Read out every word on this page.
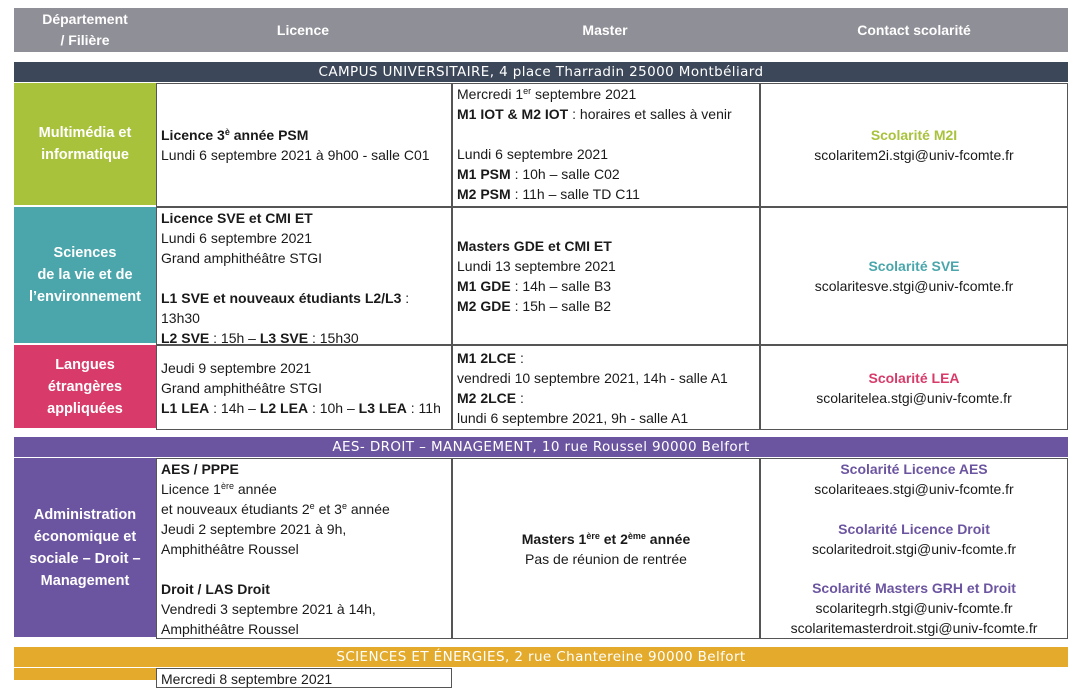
Département
/ Filière
Licence	Master	Contact scolarité
CAMPUS UNIVERSITAIRE, 4 place Tharradin 25000 Montbéliard
Multimédia et
informatique
Licence $3^è$ année PSM
Lundi 6 septembre 2021 à 9h00 - salle C01
Mercredi 1er septembre 2021
M1 IOT & M2 IOT : horaires et salles à venir
Lundi 6 septembre 2021
M1 PSM : 10h – salle C02
M2 PSM : 11h – salle TD C11
Scolarité M2I
scolaritem2i.stgi@univ-fcomte.fr
Sciences
de la vie et de
l’environnement
Licence SVE et CMI ET
Lundi 6 septembre 2021
Grand amphithéâtre STGI
L1 SVE et nouveaux étudiants L2/L3 :
13h30
L2 SVE : 15h – L3 SVE : 15h30
Masters GDE et CMI ET
Lundi 13 septembre 2021
M1 GDE : 14h – salle B3
M2 GDE : 15h – salle B2
Scolarité SVE
scolaritesve.stgi@univ-fcomte.fr
Langues
étrangères
appliquées
Jeudi 9 septembre 2021
Grand amphithéâtre STGI
L1 LEA : 14h – L2 LEA : 10h – L3 LEA : 11h
M1 2LCE :
vendredi 10 septembre 2021, 14h - salle A1
M2 2LCE :
lundi 6 septembre 2021, 9h - salle A1
Scolarité LEA
scolaritelea.stgi@univ-fcomte.fr
AES- DROIT – MANAGEMENT, 10 rue Roussel 90000 Belfort
Administration
économique et
sociale – Droit –
Management
AES / PPPE
Licence 1ère année
et nouveaux étudiants 2e et 3e année
Jeudi 2 septembre 2021 à 9h,
Amphithéâtre Roussel
Droit / LAS Droit
Vendredi 3 septembre 2021 à 14h,
Amphithéâtre Roussel
Masters 1ère et 2ème année
Pas de réunion de rentrée
Scolarité Licence AES
scolariteaes.stgi@univ-fcomte.fr
Scolarité Licence Droit
scolaritedroit.stgi@univ-fcomte.fr
Scolarité Masters GRH et Droit
scolaritegrh.stgi@univ-fcomte.fr
scolaritemasterdroit.stgi@univ-fcomte.fr
SCIENCES ET ÉNERGIES, 2 rue Chantereine 90000 Belfort
Mercredi 8 septembre 2021
